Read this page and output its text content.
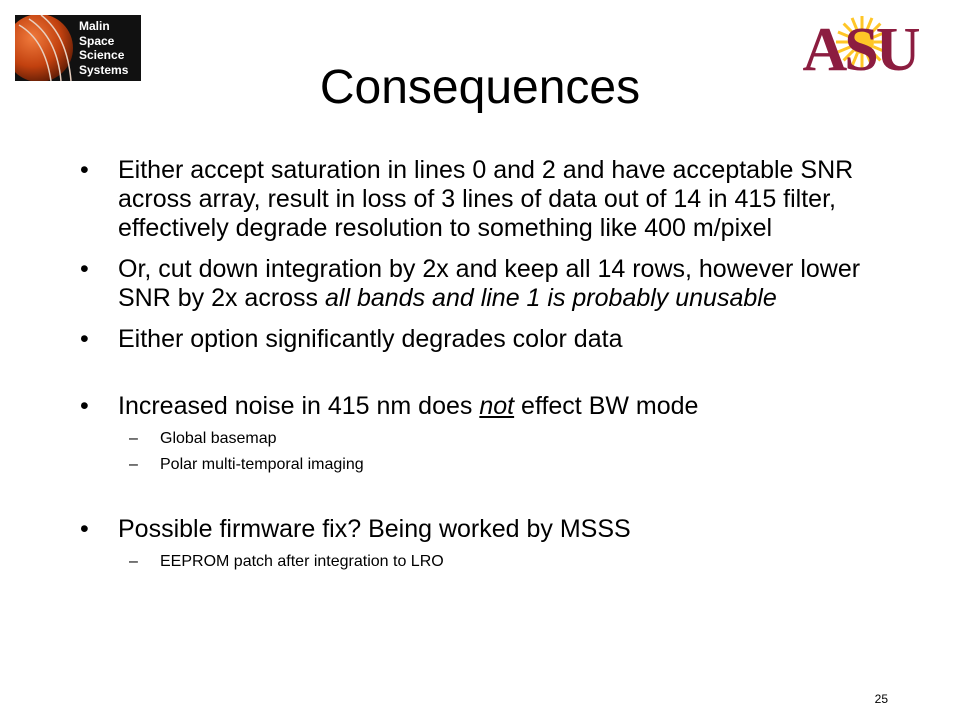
Malin
Space
Science
Systems	ASU
Consequences
• Either accept saturation in lines 0 and 2 and have acceptable SNR across array, result in loss of 3 lines of data out of 14 in 415 filter, effectively degrade resolution to something like 400 m/pixel
• Or, cut down integration by 2x and keep all 14 rows, however lower SNR by 2x across all bands and line 1 is probably unusable
• Either option significantly degrades color data
• Increased noise in 415 nm does not effect BW mode
– Global basemap
– Polar multi-temporal imaging
• Possible firmware fix? Being worked by MSSS
– EEPROM patch after integration to LRO
25
